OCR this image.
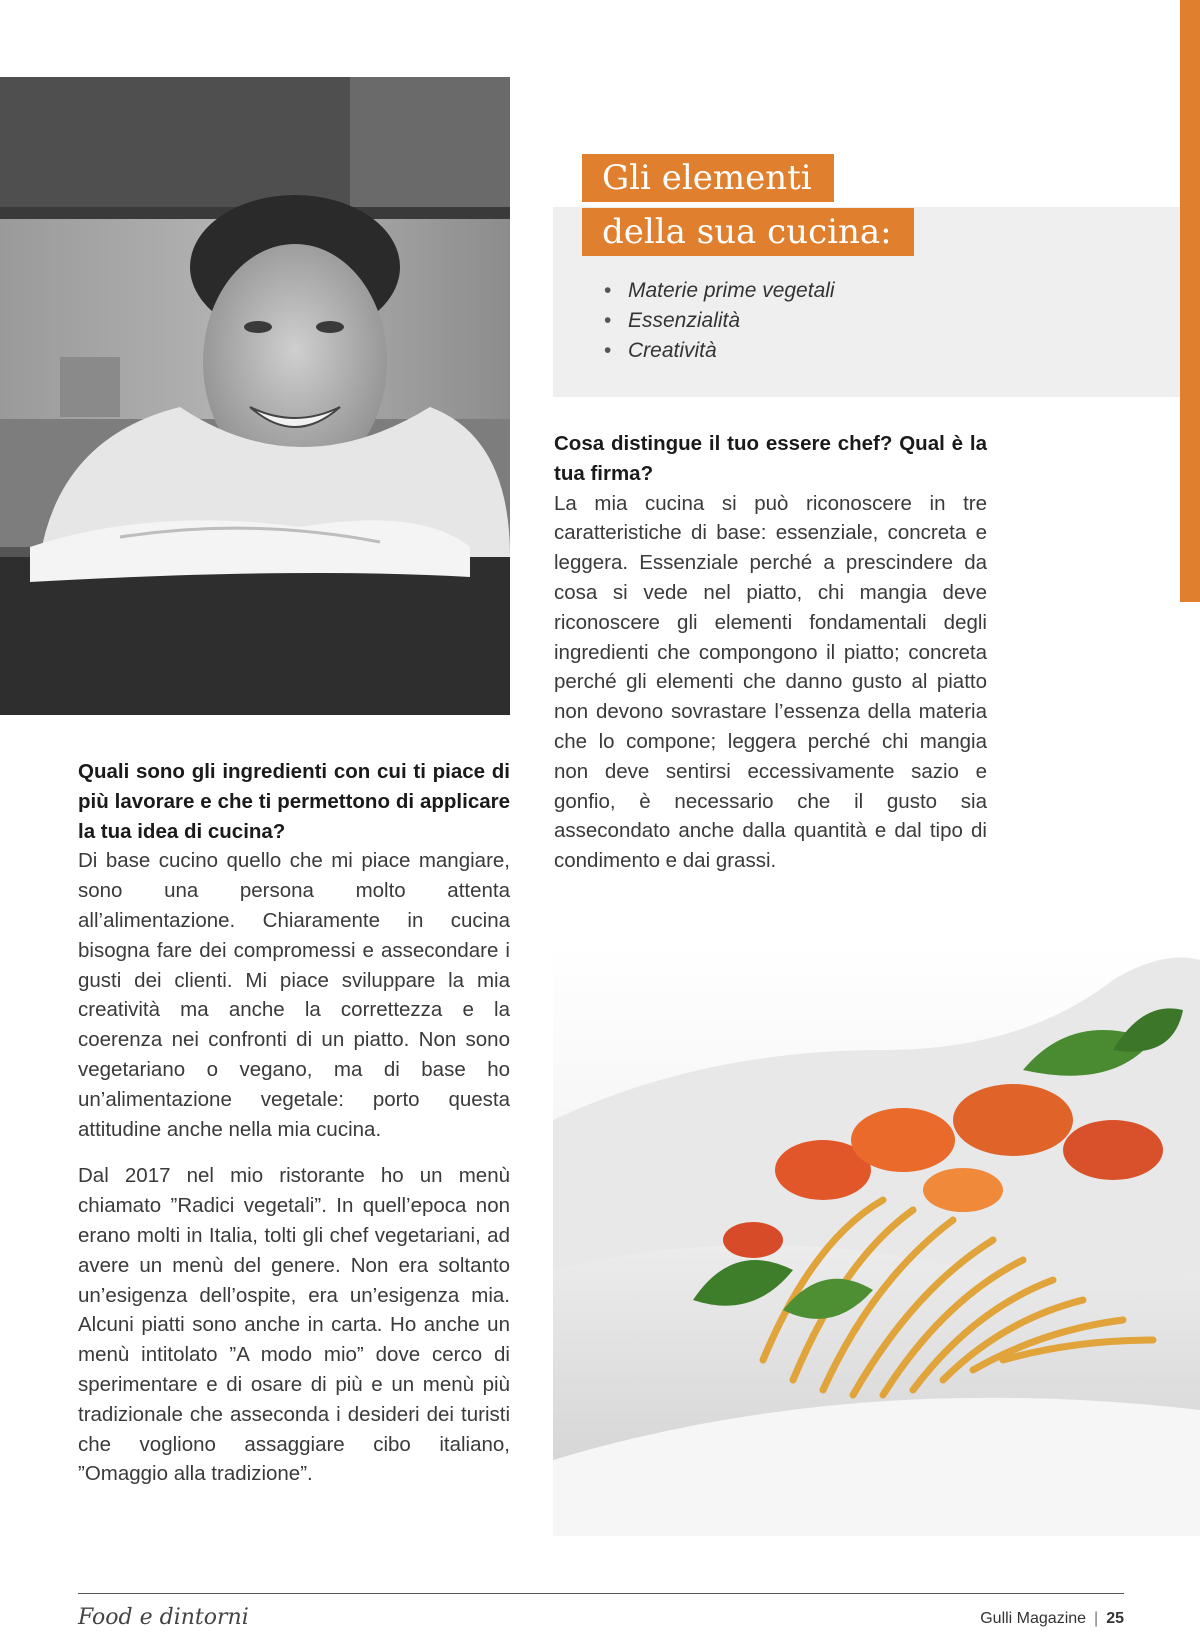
Gli elementi
della sua cucina:
• Materie prime vegetali
• Essenzialità
• Creatività

Cosa distingue il tuo essere chef? Qual è la tua firma?

La mia cucina si può riconoscere in tre caratteristiche di base: essenziale, concreta e leggera. Essenziale perché a prescindere da cosa si vede nel piatto, chi mangia deve riconoscere gli elementi fondamentali degli ingredienti che compongono il piatto; concreta perché gli elementi che danno gusto al piatto non devono sovrastare l’essenza della materia che lo compone; leggera perché chi mangia non deve sentirsi eccessivamente sazio e gonfio, è necessario che il gusto sia assecondato anche dalla quantità e dal tipo di condimento e dai grassi.

Quali sono gli ingredienti con cui ti piace di più lavorare e che ti permettono di applicare la tua idea di cucina?

Di base cucino quello che mi piace mangiare, sono una persona molto attenta all’alimentazione. Chiaramente in cucina bisogna fare dei compromessi e assecondare i gusti dei clienti. Mi piace sviluppare la mia creatività ma anche la correttezza e la coerenza nei confronti di un piatto. Non sono vegetariano o vegano, ma di base ho un’alimentazione vegetale: porto questa attitudine anche nella mia cucina.

Dal 2017 nel mio ristorante ho un menù chiamato ”Radici vegetali”. In quell’epoca non erano molti in Italia, tolti gli chef vegetariani, ad avere un menù del genere. Non era soltanto un’esigenza dell’ospite, era un’esigenza mia. Alcuni piatti sono anche in carta. Ho anche un menù intitolato ”A modo mio” dove cerco di sperimentare e di osare di più e un menù più tradizionale che asseconda i desideri dei turisti che vogliono assaggiare cibo italiano, ”Omaggio alla tradizione”.

Food e dintorni	Gulli Magazine | 25
